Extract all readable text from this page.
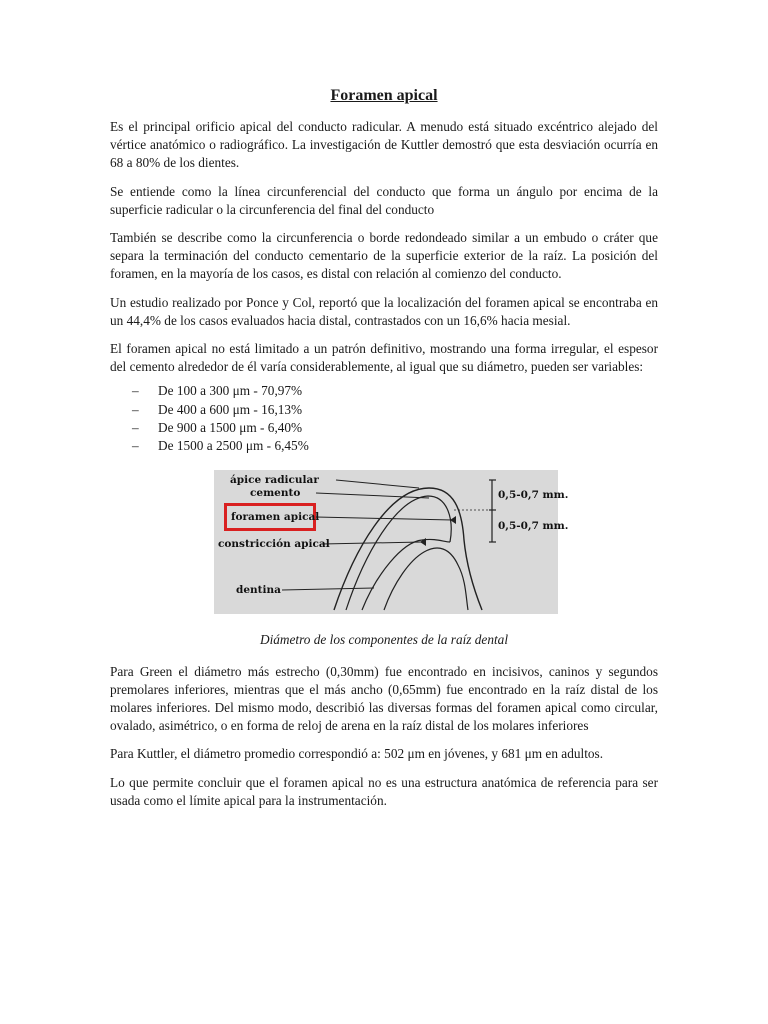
Foramen apical

Es el principal orificio apical del conducto radicular. A menudo está situado excéntrico alejado del vértice anatómico o radiográfico. La investigación de Kuttler demostró que esta desviación ocurría en 68 a 80% de los dientes.

Se entiende como la línea circunferencial del conducto que forma un ángulo por encima de la superficie radicular o la circunferencia del final del conducto

También se describe como la circunferencia o borde redondeado similar a un embudo o cráter que separa la terminación del conducto cementario de la superficie exterior de la raíz. La posición del foramen, en la mayoría de los casos, es distal con relación al comienzo del conducto.

Un estudio realizado por Ponce y Col, reportó que la localización del foramen apical se encontraba en un 44,4% de los casos evaluados hacia distal, contrastados con un 16,6% hacia mesial.

El foramen apical no está limitado a un patrón definitivo, mostrando una forma irregular, el espesor del cemento alrededor de él varía considerablemente, al igual que su diámetro, pueden ser variables:

– De 100 a 300 μm - 70,97%
– De 400 a 600 μm - 16,13%
– De 900 a 1500 μm - 6,40%
– De 1500 a 2500 μm - 6,45%
ápice radicular
cemento
foramen apical
constricción apical
dentina
0,5-0,7 mm.
0,5-0,7 mm.

Diámetro de los componentes de la raíz dental

Para Green el diámetro más estrecho (0,30mm) fue encontrado en incisivos, caninos y segundos premolares inferiores, mientras que el más ancho (0,65mm) fue encontrado en la raíz distal de los molares inferiores. Del mismo modo, describió las diversas formas del foramen apical como circular, ovalado, asimétrico, o en forma de reloj de arena en la raíz distal de los molares inferiores

Para Kuttler, el diámetro promedio correspondió a: 502 μm en jóvenes, y 681 μm en adultos.

Lo que permite concluir que el foramen apical no es una estructura anatómica de referencia para ser usada como el límite apical para la instrumentación.
